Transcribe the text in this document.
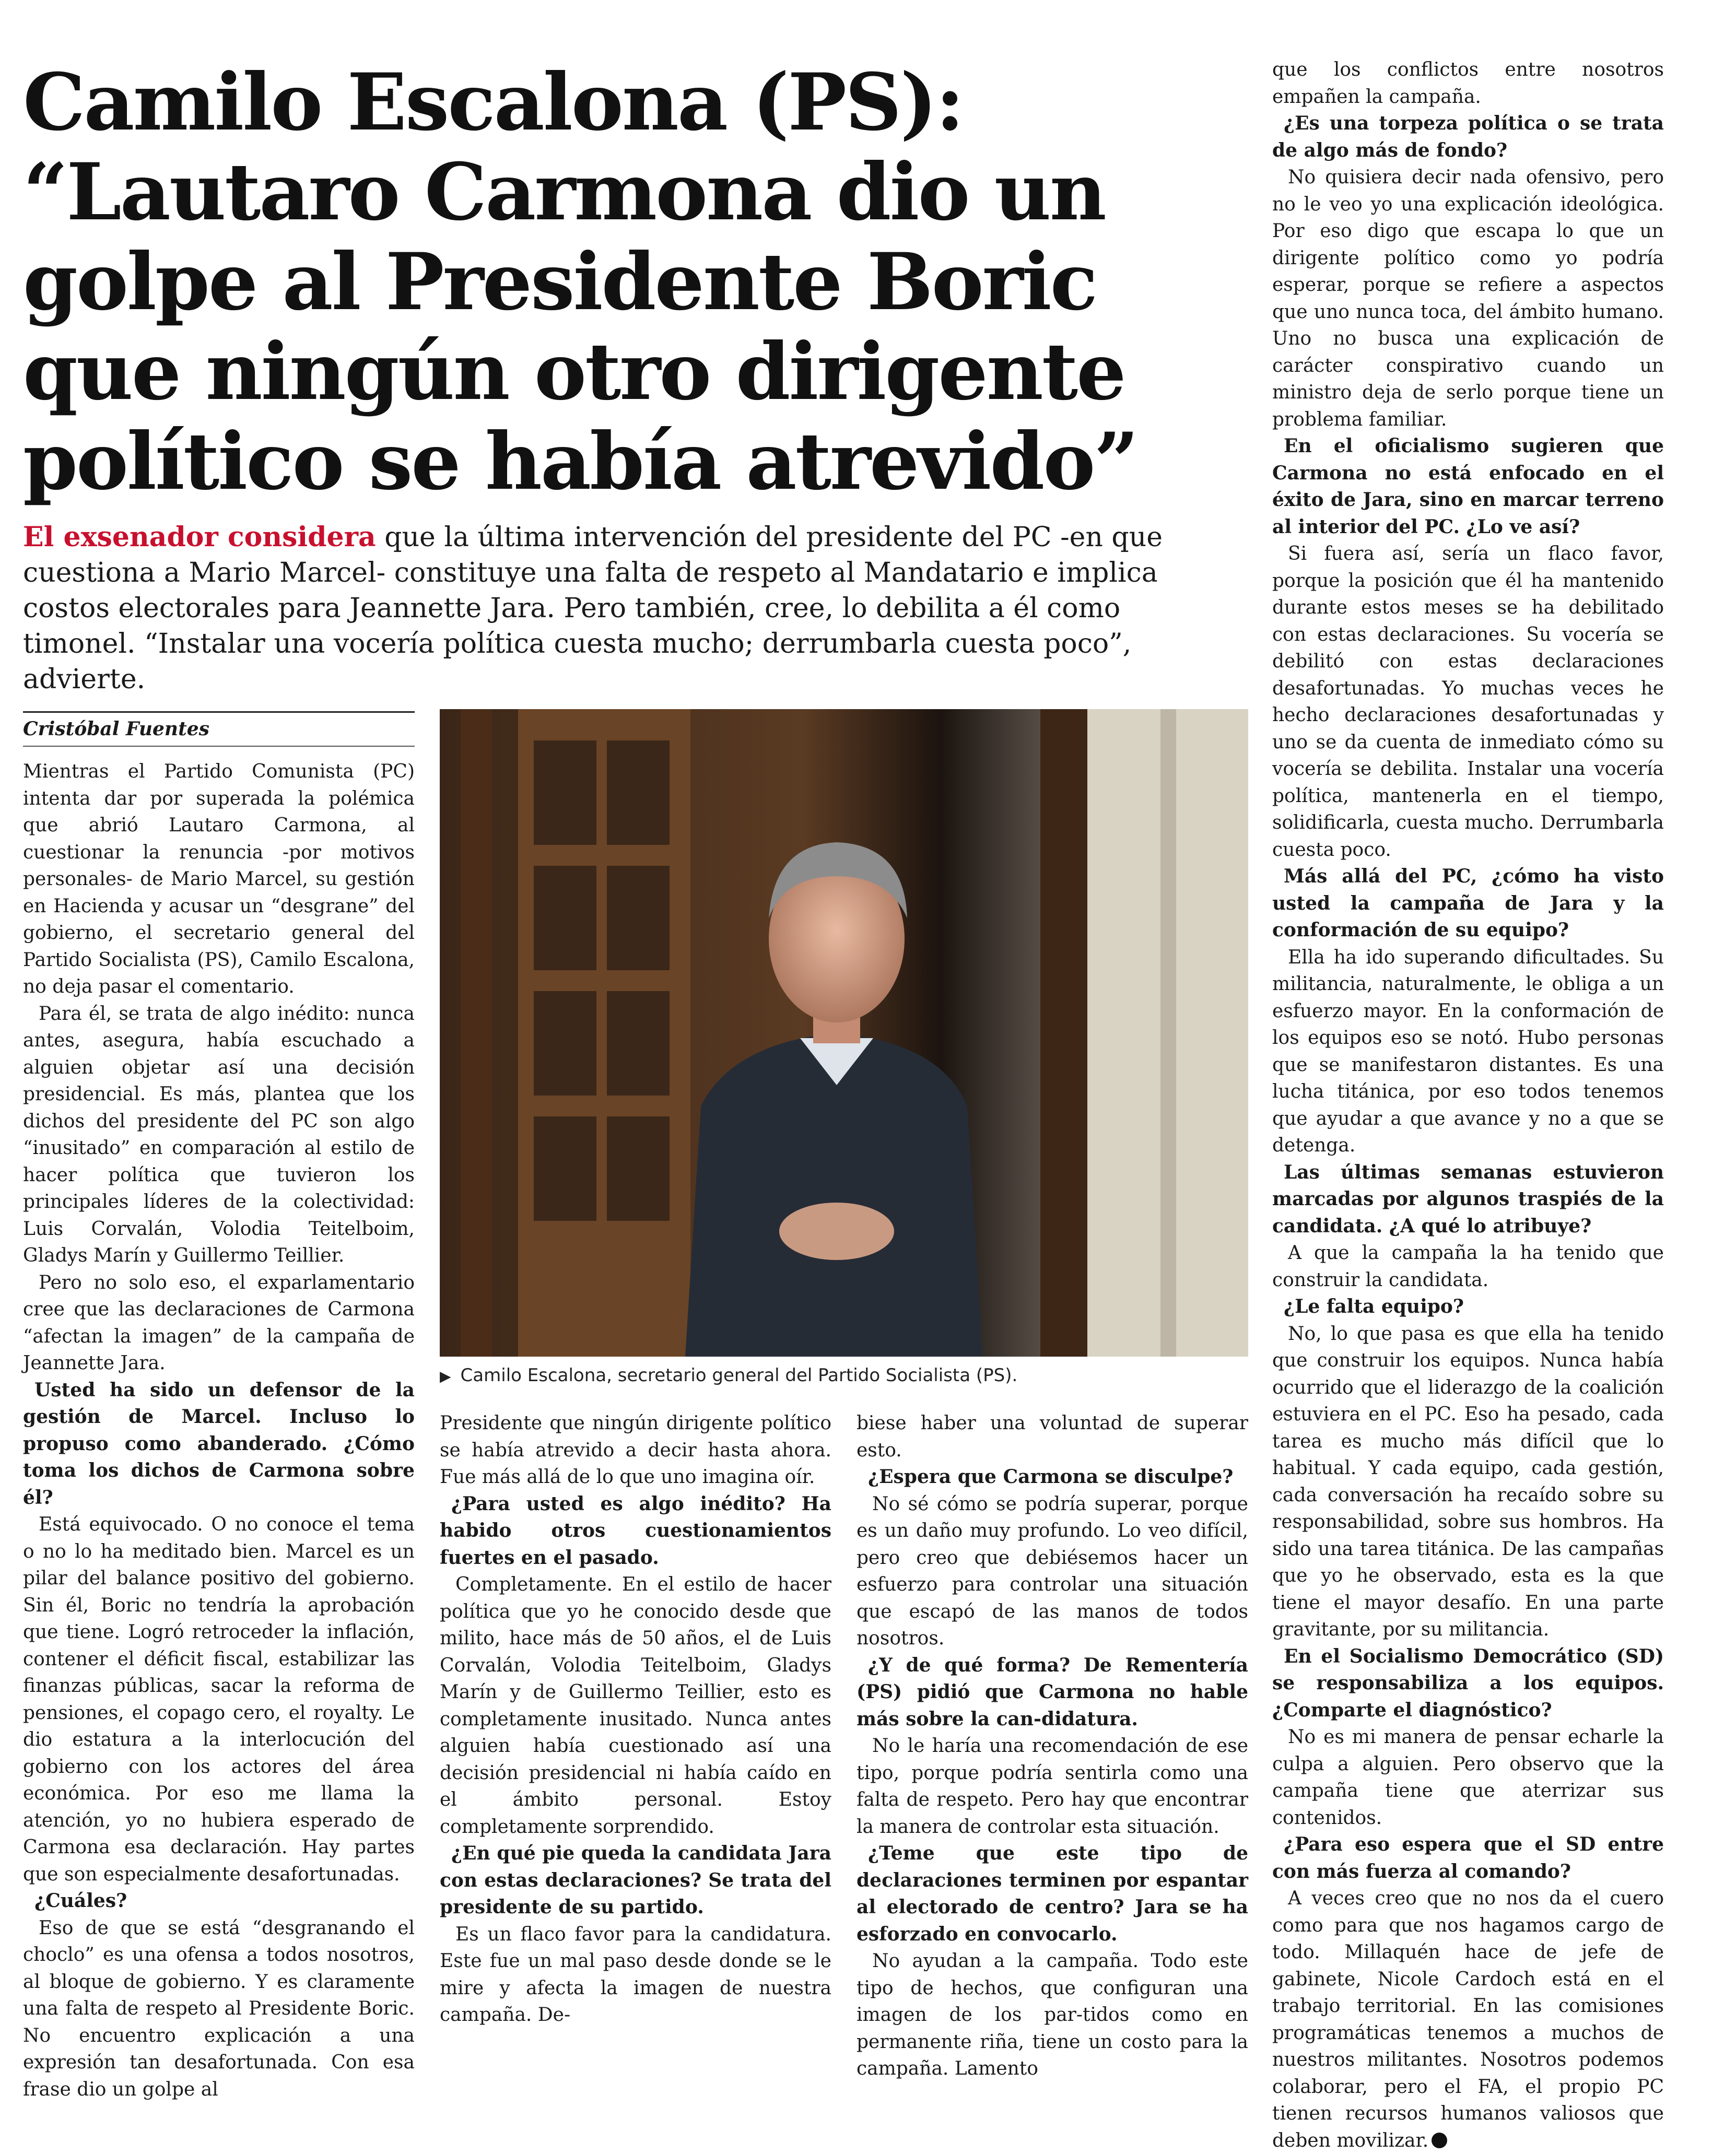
Camilo Escalona (PS):
“Lautaro Carmona dio un
golpe al Presidente Boric
que ningún otro dirigente
político se había atrevido”
El exsenador considera que la última intervención del presidente del PC -en que cuestiona a Mario Marcel- constituye una falta de respeto al Mandatario e implica costos electorales para Jeannette Jara. Pero también, cree, lo debilita a él como timonel. “Instalar una vocería política cuesta mucho; derrumbarla cuesta poco”, advierte.
Cristóbal Fuentes
▶ Camilo Escalona, secretario general del Partido Socialista (PS).

Mientras el Partido Comunista (PC) intenta dar por superada la polémica que abrió Lautaro Carmona, al cuestionar la renuncia -por motivos personales- de Mario Marcel, su gestión en Hacienda y acusar un “desgrane” del gobierno, el secretario general del Partido Socialista (PS), Camilo Escalona, no deja pasar el comentario.

Para él, se trata de algo inédito: nunca antes, asegura, había escuchado a alguien objetar así una decisión presidencial. Es más, plantea que los dichos del presidente del PC son algo “inusitado” en comparación al estilo de hacer política que tuvieron los principales líderes de la colectividad: Luis Corvalán, Volodia Teitelboim, Gladys Marín y Guillermo Teillier.

Pero no solo eso, el exparlamentario cree que las declaraciones de Carmona “afectan la imagen” de la campaña de Jeannette Jara.

Usted ha sido un defensor de la gestión de Marcel. Incluso lo propuso como abanderado. ¿Cómo toma los dichos de Carmona sobre él?

Está equivocado. O no conoce el tema o no lo ha meditado bien. Marcel es un pilar del balance positivo del gobierno. Sin él, Boric no tendría la aprobación que tiene. Logró retroceder la inflación, contener el déficit fiscal, estabilizar las finanzas públicas, sacar la reforma de pensiones, el copago cero, el royalty. Le dio estatura a la interlocución del gobierno con los actores del área económica. Por eso me llama la atención, yo no hubiera esperado de Carmona esa declaración. Hay partes que son especialmente desafortunadas.

¿Cuáles?

Eso de que se está “desgranando el choclo” es una ofensa a todos nosotros, al bloque de gobierno. Y es claramente una falta de respeto al Presidente Boric. No encuentro explicación a una expresión tan desafortunada. Con esa frase dio un golpe al

Presidente que ningún dirigente político se había atrevido a decir hasta ahora. Fue más allá de lo que uno imagina oír.

¿Para usted es algo inédito? Ha habido otros cuestionamientos fuertes en el pasado.

Completamente. En el estilo de hacer política que yo he conocido desde que milito, hace más de 50 años, el de Luis Corvalán, Volodia Teitelboim, Gladys Marín y de Guillermo Teillier, esto es completamente inusitado. Nunca antes alguien había cuestionado así una decisión presidencial ni había caído en el ámbito personal. Estoy completamente sorprendido.

¿En qué pie queda la candidata Jara con estas declaraciones? Se trata del presidente de su partido.

Es un flaco favor para la candidatura. Este fue un mal paso desde donde se le mire y afecta la imagen de nuestra campaña. De-

biese haber una voluntad de superar esto.

¿Espera que Carmona se disculpe?

No sé cómo se podría superar, porque es un daño muy profundo. Lo veo difícil, pero creo que debiésemos hacer un esfuerzo para controlar una situación que escapó de las manos de todos nosotros.

¿Y de qué forma? De Rementería (PS) pidió que Carmona no hable más sobre la can-didatura.

No le haría una recomendación de ese tipo, porque podría sentirla como una falta de respeto. Pero hay que encontrar la manera de controlar esta situación.

¿Teme que este tipo de declaraciones terminen por espantar al electorado de centro? Jara se ha esforzado en convocarlo.

No ayudan a la campaña. Todo este tipo de hechos, que configuran una imagen de los par-tidos como en permanente riña, tiene un costo para la campaña. Lamento

que los conflictos entre nosotros empañen la campaña.

¿Es una torpeza política o se trata de algo más de fondo?

No quisiera decir nada ofensivo, pero no le veo yo una explicación ideológica. Por eso digo que escapa lo que un dirigente político como yo podría esperar, porque se refiere a aspectos que uno nunca toca, del ámbito humano. Uno no busca una explicación de carácter conspirativo cuando un ministro deja de serlo porque tiene un problema familiar.

En el oficialismo sugieren que Carmona no está enfocado en el éxito de Jara, sino en marcar terreno al interior del PC. ¿Lo ve así?

Si fuera así, sería un flaco favor, porque la posición que él ha mantenido durante estos meses se ha debilitado con estas declaraciones. Su vocería se debilitó con estas declaraciones desafortunadas. Yo muchas veces he hecho declaraciones desafortunadas y uno se da cuenta de inmediato cómo su vocería se debilita. Instalar una vocería política, mantenerla en el tiempo, solidificarla, cuesta mucho. Derrumbarla cuesta poco.

Más allá del PC, ¿cómo ha visto usted la campaña de Jara y la conformación de su equipo?

Ella ha ido superando dificultades. Su militancia, naturalmente, le obliga a un esfuerzo mayor. En la conformación de los equipos eso se notó. Hubo personas que se manifestaron distantes. Es una lucha titánica, por eso todos tenemos que ayudar a que avance y no a que se detenga.

Las últimas semanas estuvieron marcadas por algunos traspiés de la candidata. ¿A qué lo atribuye?

A que la campaña la ha tenido que construir la candidata.

¿Le falta equipo?

No, lo que pasa es que ella ha tenido que construir los equipos. Nunca había ocurrido que el liderazgo de la coalición estuviera en el PC. Eso ha pesado, cada tarea es mucho más difícil que lo habitual. Y cada equipo, cada gestión, cada conversación ha recaído sobre su responsabilidad, sobre sus hombros. Ha sido una tarea titánica. De las campañas que yo he observado, esta es la que tiene el mayor desafío. En una parte gravitante, por su militancia.

En el Socialismo Democrático (SD) se responsabiliza a los equipos. ¿Comparte el diagnóstico?

No es mi manera de pensar echarle la culpa a alguien. Pero observo que la campaña tiene que aterrizar sus contenidos.

¿Para eso espera que el SD entre con más fuerza al comando?

A veces creo que no nos da el cuero como para que nos hagamos cargo de todo. Millaquén hace de jefe de gabinete, Nicole Cardoch está en el trabajo territorial. En las comisiones programáticas tenemos a muchos de nuestros militantes. Nosotros podemos colaborar, pero el FA, el propio PC tienen recursos humanos valiosos que deben movilizar.
